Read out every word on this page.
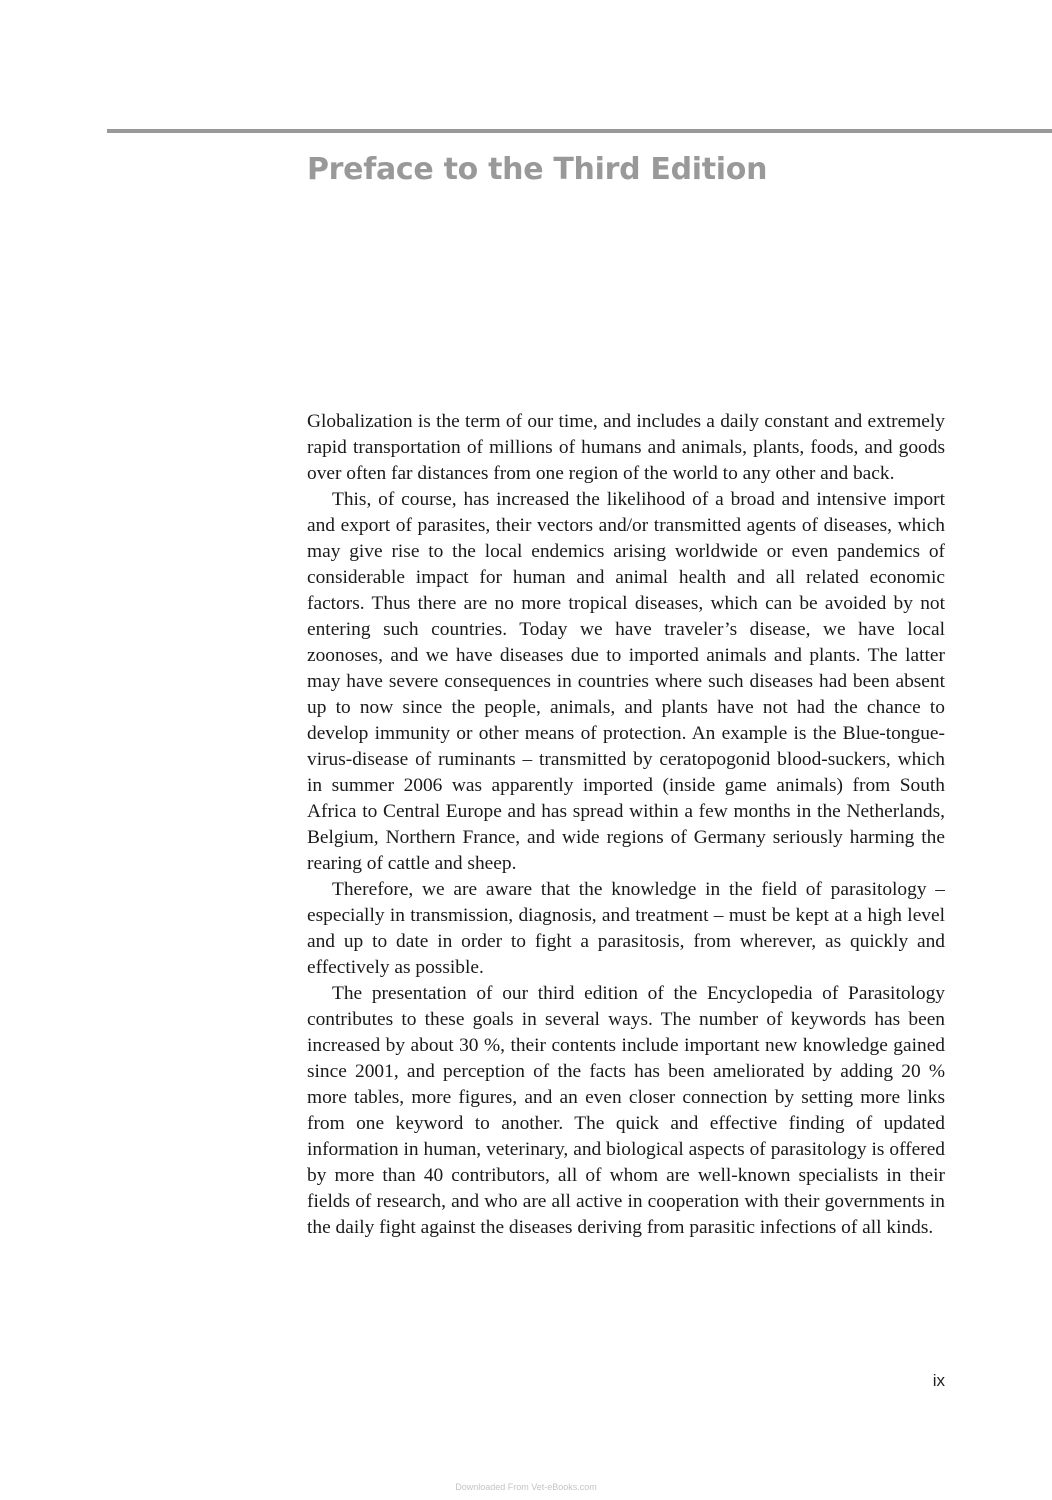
Preface to the Third Edition

Globalization is the term of our time, and includes a daily constant and extremely rapid transportation of millions of humans and animals, plants, foods, and goods over often far distances from one region of the world to any other and back.

This, of course, has increased the likelihood of a broad and intensive import and export of parasites, their vectors and/or transmitted agents of diseases, which may give rise to the local endemics arising worldwide or even pandemics of considerable impact for human and animal health and all related economic factors. Thus there are no more tropical diseases, which can be avoided by not entering such countries. Today we have traveler’s disease, we have local zoonoses, and we have diseases due to imported animals and plants. The latter may have severe consequences in countries where such diseases had been absent up to now since the people, animals, and plants have not had the chance to develop immunity or other means of protection. An example is the Blue-tongue-virus-disease of ruminants – transmitted by ceratopogonid blood-suckers, which in summer 2006 was apparently imported (inside game animals) from South Africa to Central Europe and has spread within a few months in the Netherlands, Belgium, Northern France, and wide regions of Germany seriously harming the rearing of cattle and sheep.

Therefore, we are aware that the knowledge in the field of parasitology – especially in transmission, diagnosis, and treatment – must be kept at a high level and up to date in order to fight a parasitosis, from wherever, as quickly and effectively as possible.

The presentation of our third edition of the Encyclopedia of Parasitology contributes to these goals in several ways. The number of keywords has been increased by about 30 %, their contents include important new knowledge gained since 2001, and perception of the facts has been ameliorated by adding 20 % more tables, more figures, and an even closer connection by setting more links from one keyword to another. The quick and effective finding of updated information in human, veterinary, and biological aspects of parasitology is offered by more than 40 contributors, all of whom are well-known specialists in their fields of research, and who are all active in cooperation with their governments in the daily fight against the diseases deriving from parasitic infections of all kinds.

ix
Downloaded From Vet-eBooks.com
